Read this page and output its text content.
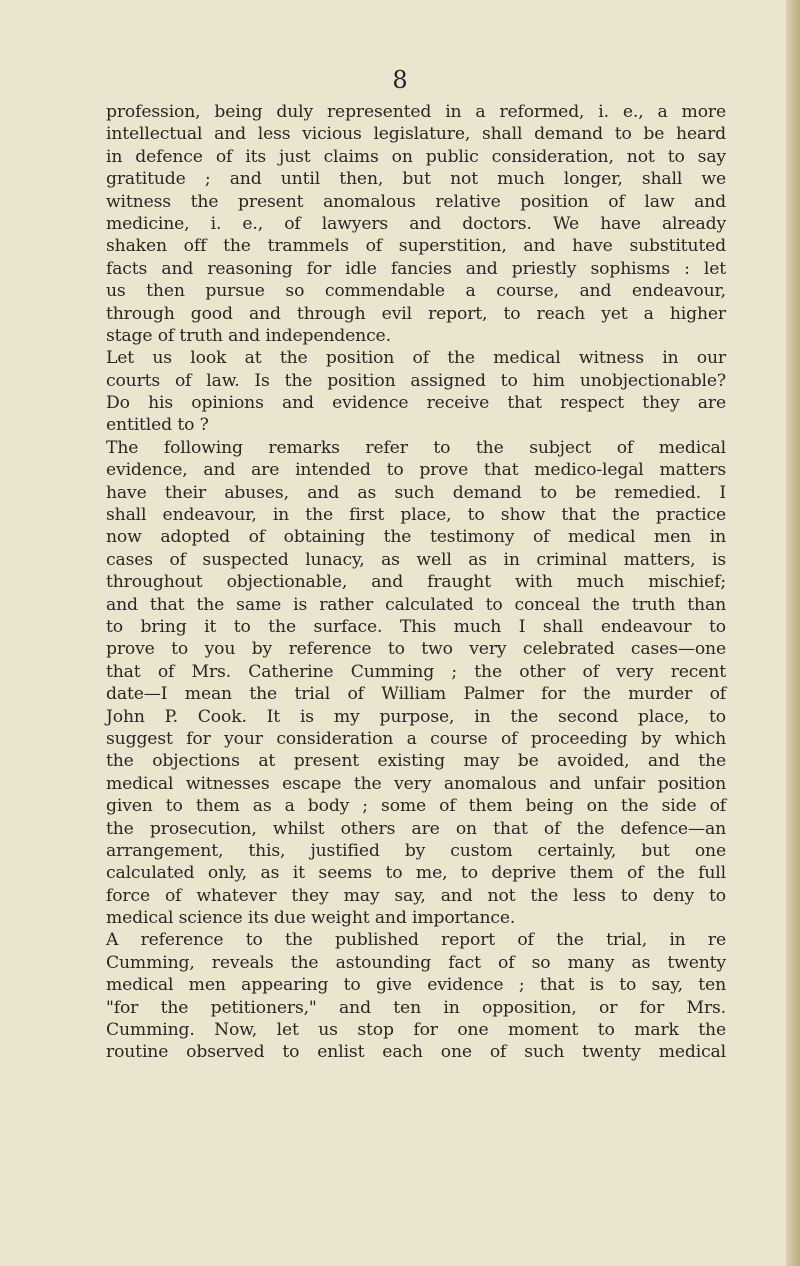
8
profession, being duly represented in a reformed, i. e., a more
intellectual and less vicious legislature, shall demand to be heard
in defence of its just claims on public consideration, not to say
gratitude ; and until then, but not much longer, shall we
witness the present anomalous relative position of law and
medicine, i. e., of lawyers and doctors. We have already
shaken off the trammels of superstition, and have substituted
facts and reasoning for idle fancies and priestly sophisms : let
us then pursue so commendable a course, and endeavour,
through good and through evil report, to reach yet a higher
stage of truth and independence.
Let us look at the position of the medical witness in our
courts of law. Is the position assigned to him unobjectionable?
Do his opinions and evidence receive that respect they are
entitled to ?
The following remarks refer to the subject of medical
evidence, and are intended to prove that medico-legal matters
have their abuses, and as such demand to be remedied. I
shall endeavour, in the first place, to show that the practice
now adopted of obtaining the testimony of medical men in
cases of suspected lunacy, as well as in criminal matters, is
throughout objectionable, and fraught with much mischief;
and that the same is rather calculated to conceal the truth than
to bring it to the surface. This much I shall endeavour to
prove to you by reference to two very celebrated cases—one
that of Mrs. Catherine Cumming ; the other of very recent
date—I mean the trial of William Palmer for the murder of
John P. Cook. It is my purpose, in the second place, to
suggest for your consideration a course of proceeding by which
the objections at present existing may be avoided, and the
medical witnesses escape the very anomalous and unfair position
given to them as a body ; some of them being on the side of
the prosecution, whilst others are on that of the defence—an
arrangement, this, justified by custom certainly, but one
calculated only, as it seems to me, to deprive them of the full
force of whatever they may say, and not the less to deny to
medical science its due weight and importance.
A reference to the published report of the trial, in re
Cumming, reveals the astounding fact of so many as twenty
medical men appearing to give evidence ; that is to say, ten
"for the petitioners," and ten in opposition, or for Mrs.
Cumming. Now, let us stop for one moment to mark the
routine observed to enlist each one of such twenty medical
